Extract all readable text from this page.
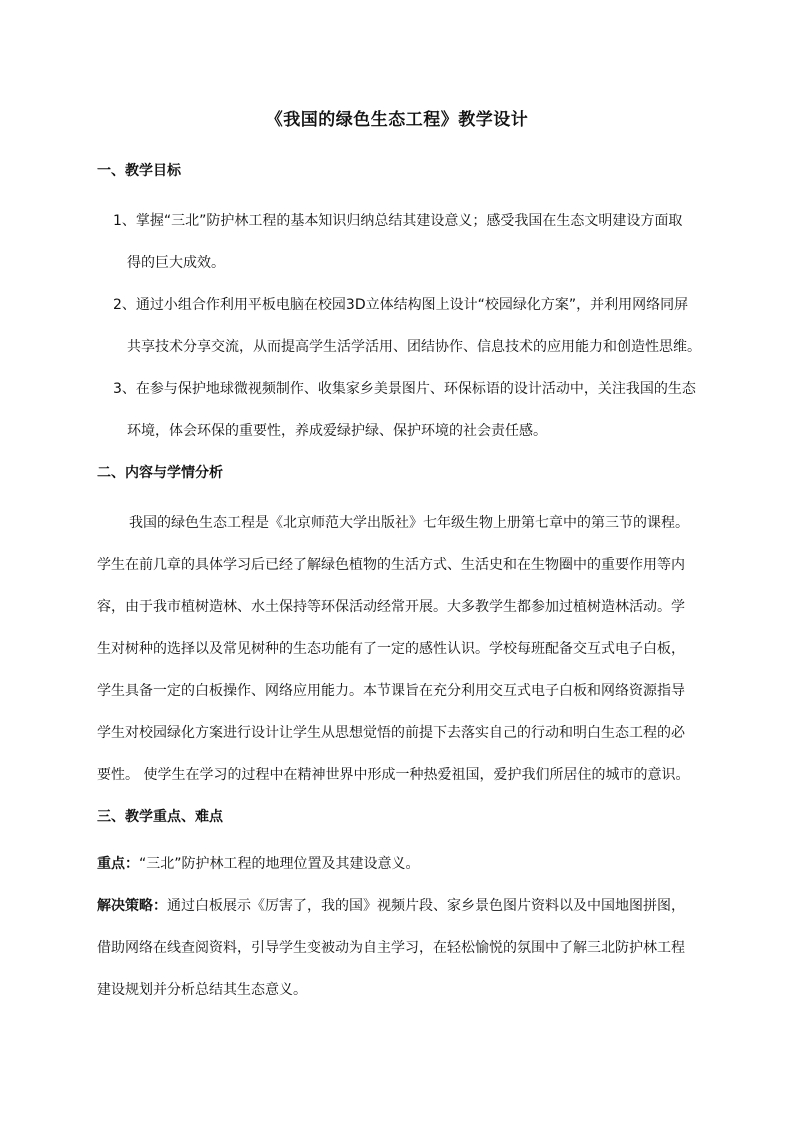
《我国的绿色生态工程》教学设计
一、教学目标
1、掌握“三北”防护林工程的基本知识归纳总结其建设意义；感受我国在生态文明建设方面取
得的巨大成效。
2、通过小组合作利用平板电脑在校园3D立体结构图上设计“校园绿化方案”，并利用网络同屏
共享技术分享交流，从而提高学生活学活用、团结协作、信息技术的应用能力和创造性思维。
3、在参与保护地球微视频制作、收集家乡美景图片、环保标语的设计活动中，关注我国的生态
环境，体会环保的重要性，养成爱绿护绿、保护环境的社会责任感。
二、内容与学情分析
我国的绿色生态工程是《北京师范大学出版社》七年级生物上册第七章中的第三节的课程。
学生在前几章的具体学习后已经了解绿色植物的生活方式、生活史和在生物圈中的重要作用等内
容，由于我市植树造林、水土保持等环保活动经常开展。大多教学生都参加过植树造林活动。学
生对树种的选择以及常见树种的生态功能有了一定的感性认识。学校每班配备交互式电子白板，
学生具备一定的白板操作、网络应用能力。本节课旨在充分利用交互式电子白板和网络资源指导
学生对校园绿化方案进行设计让学生从思想觉悟的前提下去落实自己的行动和明白生态工程的必
要性。 使学生在学习的过程中在精神世界中形成一种热爱祖国，爱护我们所居住的城市的意识。
三、教学重点、难点
重点：“三北”防护林工程的地理位置及其建设意义。
解决策略：通过白板展示《厉害了，我的国》视频片段、家乡景色图片资料以及中国地图拼图，
借助网络在线查阅资料，引导学生变被动为自主学习，在轻松愉悦的氛围中了解三北防护林工程
建设规划并分析总结其生态意义。
